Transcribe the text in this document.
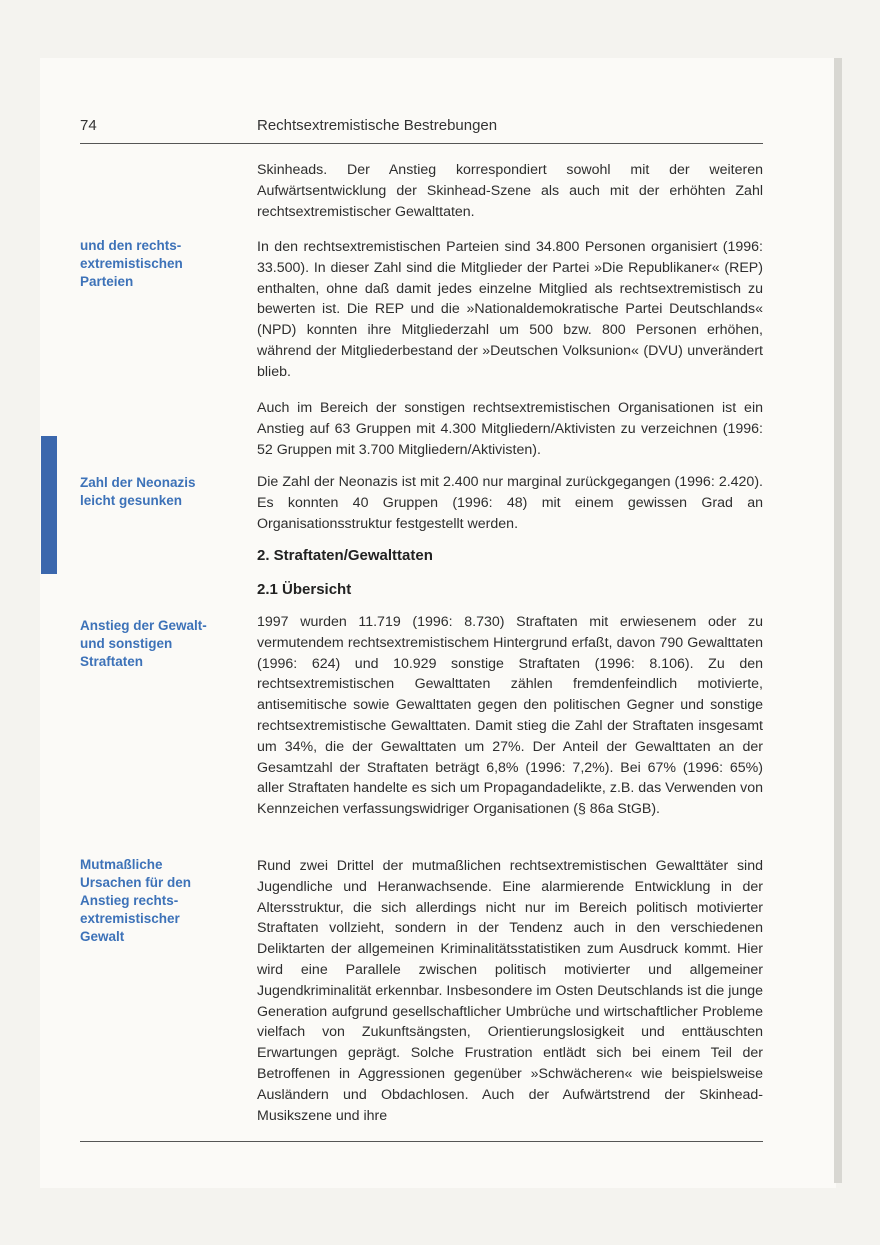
74	Rechtsextremistische Bestrebungen
Skinheads. Der Anstieg korrespondiert sowohl mit der weiteren Aufwärtsentwicklung der Skinhead-Szene als auch mit der erhöhten Zahl rechtsextremistischer Gewalttaten.
und den rechts-extremistischen Parteien
In den rechtsextremistischen Parteien sind 34.800 Personen organisiert (1996: 33.500). In dieser Zahl sind die Mitglieder der Partei »Die Republikaner« (REP) enthalten, ohne daß damit jedes einzelne Mitglied als rechtsextremistisch zu bewerten ist. Die REP und die »Nationaldemokratische Partei Deutschlands« (NPD) konnten ihre Mitgliederzahl um 500 bzw. 800 Personen erhöhen, während der Mitgliederbestand der »Deutschen Volksunion« (DVU) unverändert blieb.
Auch im Bereich der sonstigen rechtsextremistischen Organisationen ist ein Anstieg auf 63 Gruppen mit 4.300 Mitgliedern/Aktivisten zu verzeichnen (1996: 52 Gruppen mit 3.700 Mitgliedern/Aktivisten).
Zahl der Neonazis leicht gesunken
Die Zahl der Neonazis ist mit 2.400 nur marginal zurückgegangen (1996: 2.420). Es konnten 40 Gruppen (1996: 48) mit einem gewissen Grad an Organisationsstruktur festgestellt werden.
2. Straftaten/Gewalttaten
2.1 Übersicht
Anstieg der Gewalt- und sonstigen Straftaten
1997 wurden 11.719 (1996: 8.730) Straftaten mit erwiesenem oder zu vermutendem rechtsextremistischem Hintergrund erfaßt, davon 790 Gewalttaten (1996: 624) und 10.929 sonstige Straftaten (1996: 8.106). Zu den rechtsextremistischen Gewalttaten zählen fremdenfeindlich motivierte, antisemitische sowie Gewalttaten gegen den politischen Gegner und sonstige rechtsextremistische Gewalttaten. Damit stieg die Zahl der Straftaten insgesamt um 34%, die der Gewalttaten um 27%. Der Anteil der Gewalttaten an der Gesamtzahl der Straftaten beträgt 6,8% (1996: 7,2%). Bei 67% (1996: 65%) aller Straftaten handelte es sich um Propagandadelikte, z.B. das Verwenden von Kennzeichen verfassungswidriger Organisationen (§ 86a StGB).
Mutmaßliche Ursachen für den Anstieg rechts-extremistischer Gewalt
Rund zwei Drittel der mutmaßlichen rechtsextremistischen Gewalttäter sind Jugendliche und Heranwachsende. Eine alarmierende Entwicklung in der Altersstruktur, die sich allerdings nicht nur im Bereich politisch motivierter Straftaten vollzieht, sondern in der Tendenz auch in den verschiedenen Deliktarten der allgemeinen Kriminalitätsstatistiken zum Ausdruck kommt. Hier wird eine Parallele zwischen politisch motivierter und allgemeiner Jugendkriminalität erkennbar. Insbesondere im Osten Deutschlands ist die junge Generation aufgrund gesellschaftlicher Umbrüche und wirtschaftlicher Probleme vielfach von Zukunftsängsten, Orientierungslosigkeit und enttäuschten Erwartungen geprägt. Solche Frustration entlädt sich bei einem Teil der Betroffenen in Aggressionen gegenüber »Schwächeren« wie beispielsweise Ausländern und Obdachlosen. Auch der Aufwärtstrend der Skinhead-Musikszene und ihre
